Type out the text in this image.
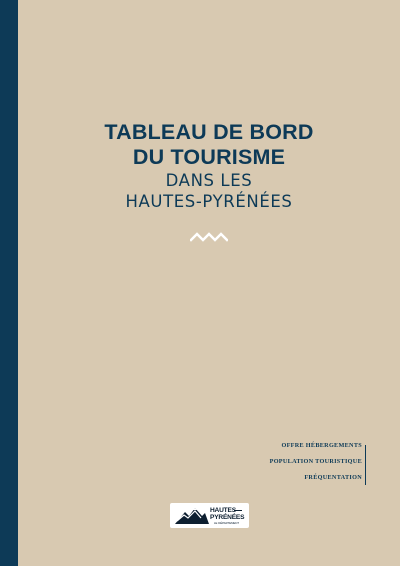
TABLEAU DE BORD

DU TOURISME

DANS LES

HAUTES-PYRÉNÉES

OFFRE HÉBERGEMENTS

POPULATION TOURISTIQUE

FRÉQUENTATION

HAUTES
PYRÉNÉES
LE DÉPARTEMENT
